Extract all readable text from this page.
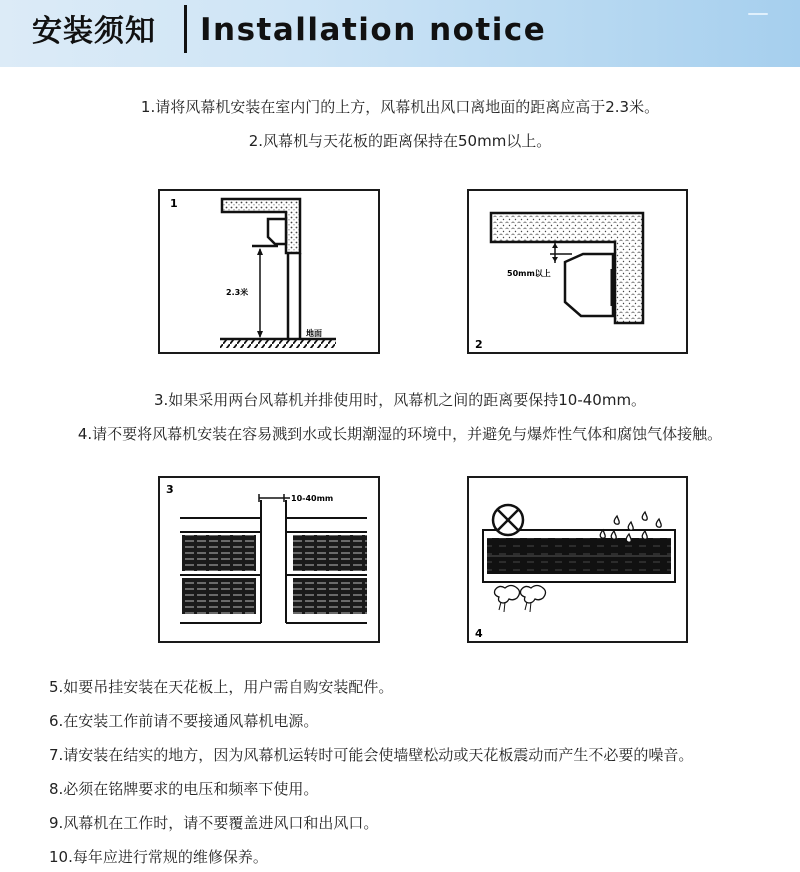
安装须知 Installation notice
1.请将风幕机安装在室内门的上方，风幕机出风口离地面的距离应高于2.3米。
2.风幕机与天花板的距离保持在50mm以上。
1
2.3米
地面
2
50mm以上
3.如果采用两台风幕机并排使用时，风幕机之间的距离要保持10-40mm。
4.请不要将风幕机安装在容易溅到水或长期潮湿的环境中，并避免与爆炸性气体和腐蚀气体接触。
3
10-40mm
4
5.如要吊挂安装在天花板上，用户需自购安装配件。
6.在安装工作前请不要接通风幕机电源。
7.请安装在结实的地方，因为风幕机运转时可能会使墙壁松动或天花板震动而产生不必要的噪音。
8.必须在铭牌要求的电压和频率下使用。
9.风幕机在工作时，请不要覆盖进风口和出风口。
10.每年应进行常规的维修保养。
